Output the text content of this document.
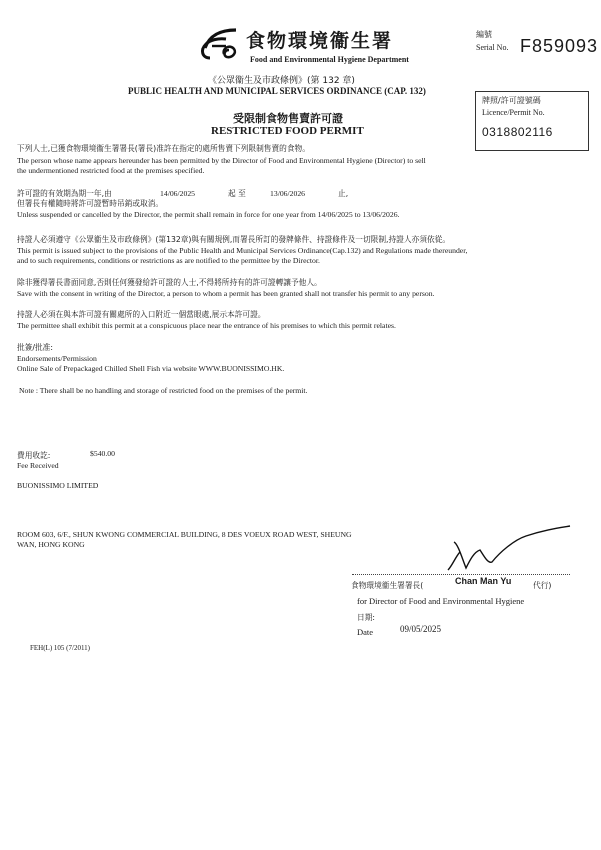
食物環境衞生署
Food and Environmental Hygiene Department
編號
Serial No. F859093
《公眾衞生及市政條例》(第 132 章)
PUBLIC HEALTH AND MUNICIPAL SERVICES ORDINANCE (CAP. 132)
受限制食物售賣許可證
RESTRICTED FOOD PERMIT
牌照/許可證號碼
Licence/Permit No.
0318802116
下列人士,已獲食物環境衞生署署長(署長)准許在指定的處所售賣下列限制售賣的食物。
The person whose name appears hereunder has been permitted by the Director of Food and Environmental Hygiene (Director) to sell
the undermentioned restricted food at the premises specified.
許可證的有效期為期一年,由	14/06/2025	起 至	13/06/2026	止,
但署長有權隨時將許可證暫時吊銷或取消。
Unless suspended or cancelled by the Director, the permit shall remain in force for one year from 14/06/2025 to 13/06/2026.
持證人必須遵守《公眾衞生及市政條例》(第132章)與有關規例,而署長所訂的發牌條件、持證條件及一切限制,持證人亦須依從。
This permit is issued subject to the provisions of the Public Health and Municipal Services Ordinance(Cap.132) and Regulations made thereunder,
and to such requirements, conditions or restrictions as are notified to the permittee by the Director.
除非獲得署長書面同意,否則任何獲發給許可證的人士,不得將所持有的許可證轉讓予他人。
Save with the consent in writing of the Director, a person to whom a permit has been granted shall not transfer his permit to any person.
持證人必須在與本許可證有關處所的入口附近一個當眼處,展示本許可證。
The permittee shall exhibit this permit at a conspicuous place near the entrance of his premises to which this permit relates.
批簽/批准:
Endorsements/Permission
Online Sale of Prepackaged Chilled Shell Fish via website WWW.BUONISSIMO.HK.
Note : There shall be no handling and storage of restricted food on the premises of the permit.
費用收訖:	$540.00
Fee Received
BUONISSIMO LIMITED
ROOM 603, 6/F., SHUN KWONG COMMERCIAL BUILDING, 8 DES VOEUX ROAD WEST, SHEUNG
WAN, HONG KONG
食物環境衞生署署長(	Chan Man Yu	代行)
for Director of Food and Environmental Hygiene
日期:
Date	09/05/2025
FEH(L) 105 (7/2011)
